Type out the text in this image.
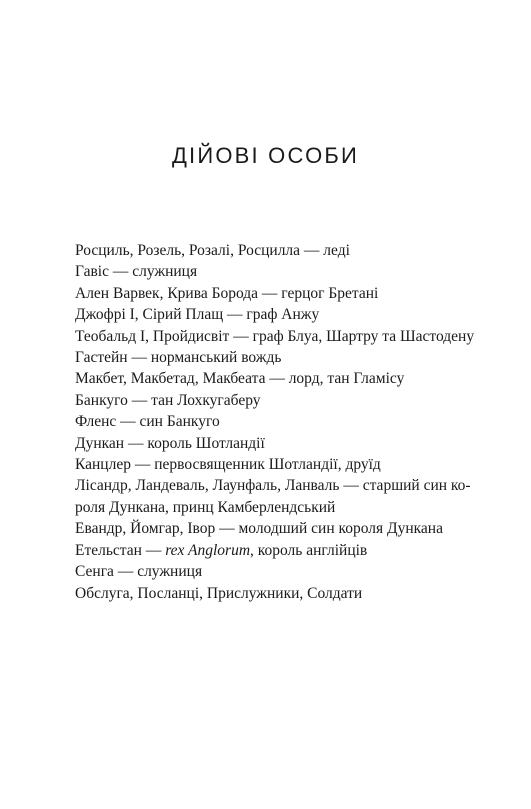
ДІЙОВІ ОСОБИ
Росциль, Розель, Розалі, Росцилла — леді
Гавіс — служниця
Ален Варвек, Крива Борода — герцог Бретані
Джофрі I, Сірий Плащ — граф Анжу
Теобальд I, Пройдисвіт — граф Блуа, Шартру та Шастодену
Гастейн — норманський вождь
Макбет, Макбетад, Макбеата — лорд, тан Гламісу
Банкуго — тан Лохкугаберу
Фленс — син Банкуго
Дункан — король Шотландії
Канцлер — первосвященник Шотландії, друїд
Лісандр, Ландеваль, Лаунфаль, Ланваль — старший син ко-
роля Дункана, принц Камберлендський
Евандр, Йомгар, Івор — молодший син короля Дункана
Етельстан — rex Anglorum, король англійців
Сенга — служниця
Обслуга, Посланці, Прислужники, Солдати
